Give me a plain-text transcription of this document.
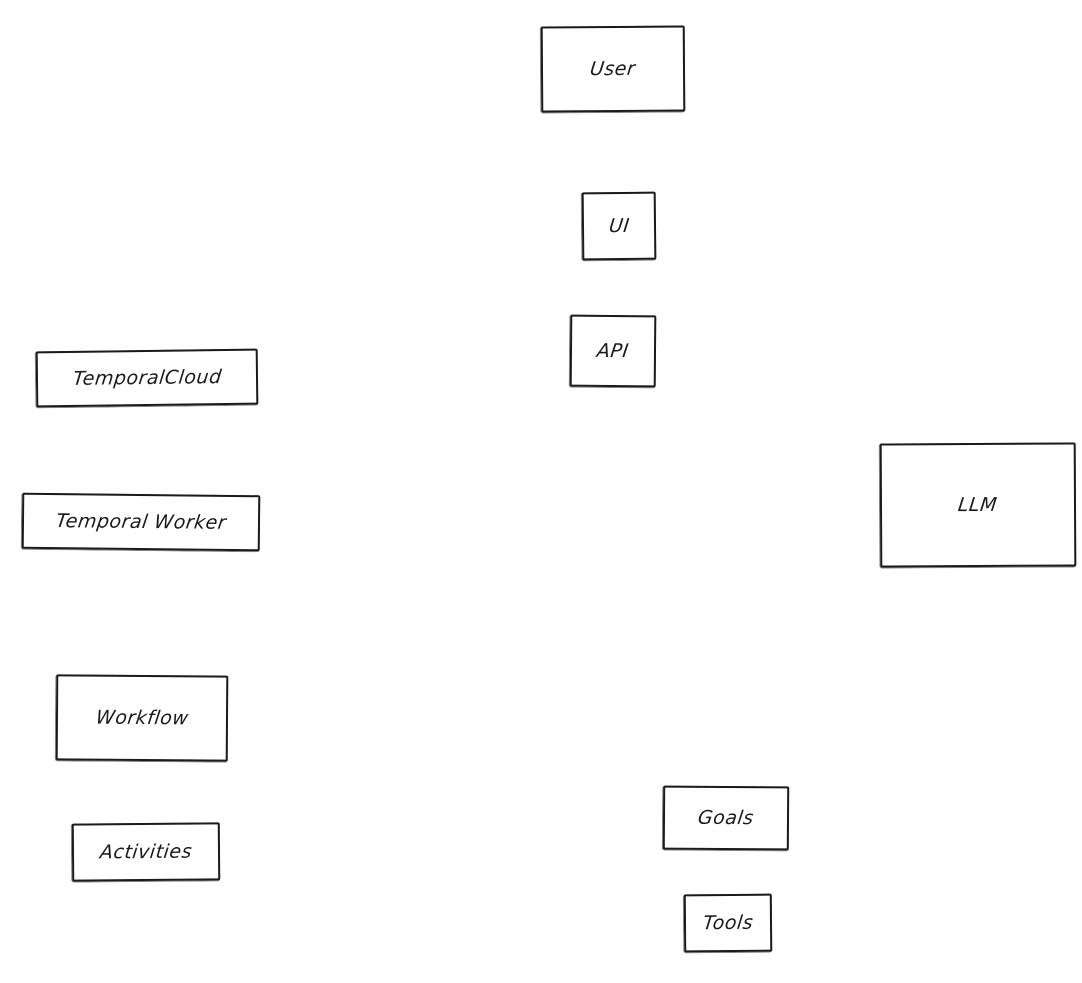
User
UI
API
TemporalCloud
Temporal Worker
LLM
Workflow
Activities
Goals
Tools
